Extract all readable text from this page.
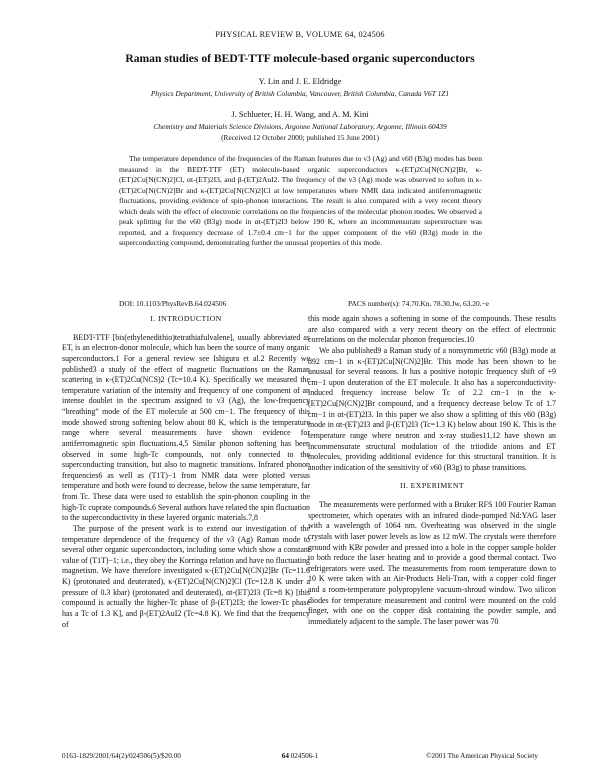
PHYSICAL REVIEW B, VOLUME 64, 024506
Raman studies of BEDT-TTF molecule-based organic superconductors
Y. Lin and J. E. Eldridge
Physics Department, University of British Columbia, Vancouver, British Columbia, Canada V6T 1Z1
J. Schlueter, H. H. Wang, and A. M. Kini
Chemistry and Materials Science Divisions, Argonne National Laboratory, Argonne, Illinois 60439
(Received 12 October 2000; published 15 June 2001)

The temperature dependence of the frequencies of the Raman features due to ν3 (Ag) and ν60 (B3g) modes has been measured in the BEDT-TTF (ET) molecule-based organic superconductors κ-(ET)2Cu[N(CN)2]Br, κ-(ET)2Cu[N(CN)2]Cl, αt-(ET)2I3, and β-(ET)2AuI2. The frequency of the ν3 (Ag) mode was observed to soften in κ-(ET)2Cu[N(CN)2]Br and κ-(ET)2Cu[N(CN)2]Cl at low temperatures where NMR data indicated antiferromagnetic fluctuations, providing evidence of spin-phonon interactions. The result is also compared with a very recent theory which deals with the effect of electronic correlations on the frequencies of the molecular phonon modes. We observed a peak splitting for the ν60 (B3g) mode in αt-(ET)2I3 below 190 K, where an incommensurate superstructure was reported, and a frequency decrease of 1.7±0.4 cm−1 for the upper component of the ν60 (B3g) mode in the superconducting compound, demonstrating further the unusual properties of this mode.

DOI: 10.1103/PhysRevB.64.024506	PACS number(s): 74.70.Kn, 78.30.Jw, 63.20.−e
I. INTRODUCTION

BEDT-TTF [bis(ethylenedithio)tetrathiafulvalene], usually abbreviated as ET, is an electron-donor molecule, which has been the source of many organic superconductors.1 For a general review see Ishigura et al.2 Recently we published3 a study of the effect of magnetic fluctuations on the Raman scattering in κ-(ET)2Cu(NCS)2 (Tc=10.4 K). Specifically we measured the temperature variation of the intensity and frequency of one component of an intense doublet in the spectrum assigned to ν3 (Ag), the low-frequency “breathing” mode of the ET molecule at 500 cm−1. The frequency of this mode showed strong softening below about 80 K, which is the temperature range where several measurements have shown evidence for antiferromagnetic spin fluctuations.4,5 Similar phonon softening has been observed in some high-Tc compounds, not only connected to the superconducting transition, but also to magnetic transitions. Infrared phonon frequencies6 as well as (T1T)−1 from NMR data were plotted versus temperature and both were found to decrease, below the same temperature, far from Tc. These data were used to establish the spin-phonon coupling in the high-Tc cuprate compounds.6 Several authors have related the spin fluctuation to the superconductivity in these layered organic materials.7,8

The purpose of the present work is to extend our investigation of the temperature dependence of the frequency of the ν3 (Ag) Raman mode to several other organic superconductors, including some which show a constant value of (T1T)−1; i.e., they obey the Korringa relation and have no fluctuating magnetism. We have therefore investigated κ-(ET)2Cu[N(CN)2]Br (Tc=11.6 K) (protonated and deuterated), κ-(ET)2Cu[N(CN)2]Cl (Tc=12.8 K under a pressure of 0.3 kbar) (protonated and deuterated), αt-(ET)2I3 (Tc=8 K) [this compound is actually the higher-Tc phase of β-(ET)2I3; the lower-Tc phase has a Tc of 1.3 K], and β-(ET)2AuI2 (Tc=4.8 K). We find that the frequency of

this mode again shows a softening in some of the compounds. These results are also compared with a very recent theory on the effect of electronic correlations on the molecular phonon frequencies.10

We also published9 a Raman study of a nonsymmetric ν60 (B3g) mode at 892 cm−1 in κ-(ET)2Cu[N(CN)2]Br. This mode has been shown to be unusual for several reasons. It has a positive isotopic frequency shift of +9 cm−1 upon deuteration of the ET molecule. It also has a superconductivity-induced frequency increase below Tc of 2.2 cm−1 in the κ-(ET)2Cu[N(CN)2]Br compound, and a frequency decrease below Tc of 1.7 cm−1 in αt-(ET)2I3. In this paper we also show a splitting of this ν60 (B3g) mode in αt-(ET)2I3 and β-(ET)2I3 (Tc=1.3 K) below about 190 K. This is the temperature range where neutron and x-ray studies11,12 have shown an incommensurate structural modulation of the triiodide anions and ET molecules, providing additional evidence for this structural transition. It is another indication of the sensitivity of ν60 (B3g) to phase transitions.

II. EXPERIMENT

The measurements were performed with a Bruker RFS 100 Fourier Raman spectrometer, which operates with an infrared diode-pumped Nd:YAG laser with a wavelength of 1064 nm. Overheating was observed in the single crystals with laser power levels as low as 12 mW. The crystals were therefore ground with KBr powder and pressed into a hole in the copper sample holder to both reduce the laser heating and to provide a good thermal contact. Two refrigerators were used. The measurements from room temperature down to 10 K were taken with an Air-Products Heli-Tran, with a copper cold finger and a room-temperature polypropylene vacuum-shroud window. Two silicon diodes for temperature measurement and control were mounted on the cold finger, with one on the copper disk containing the powder sample, and immediately adjacent to the sample. The laser power was 70

0163-1829/2001/64(2)/024506(5)/$20.00	64 024506-1	©2001 The American Physical Society
